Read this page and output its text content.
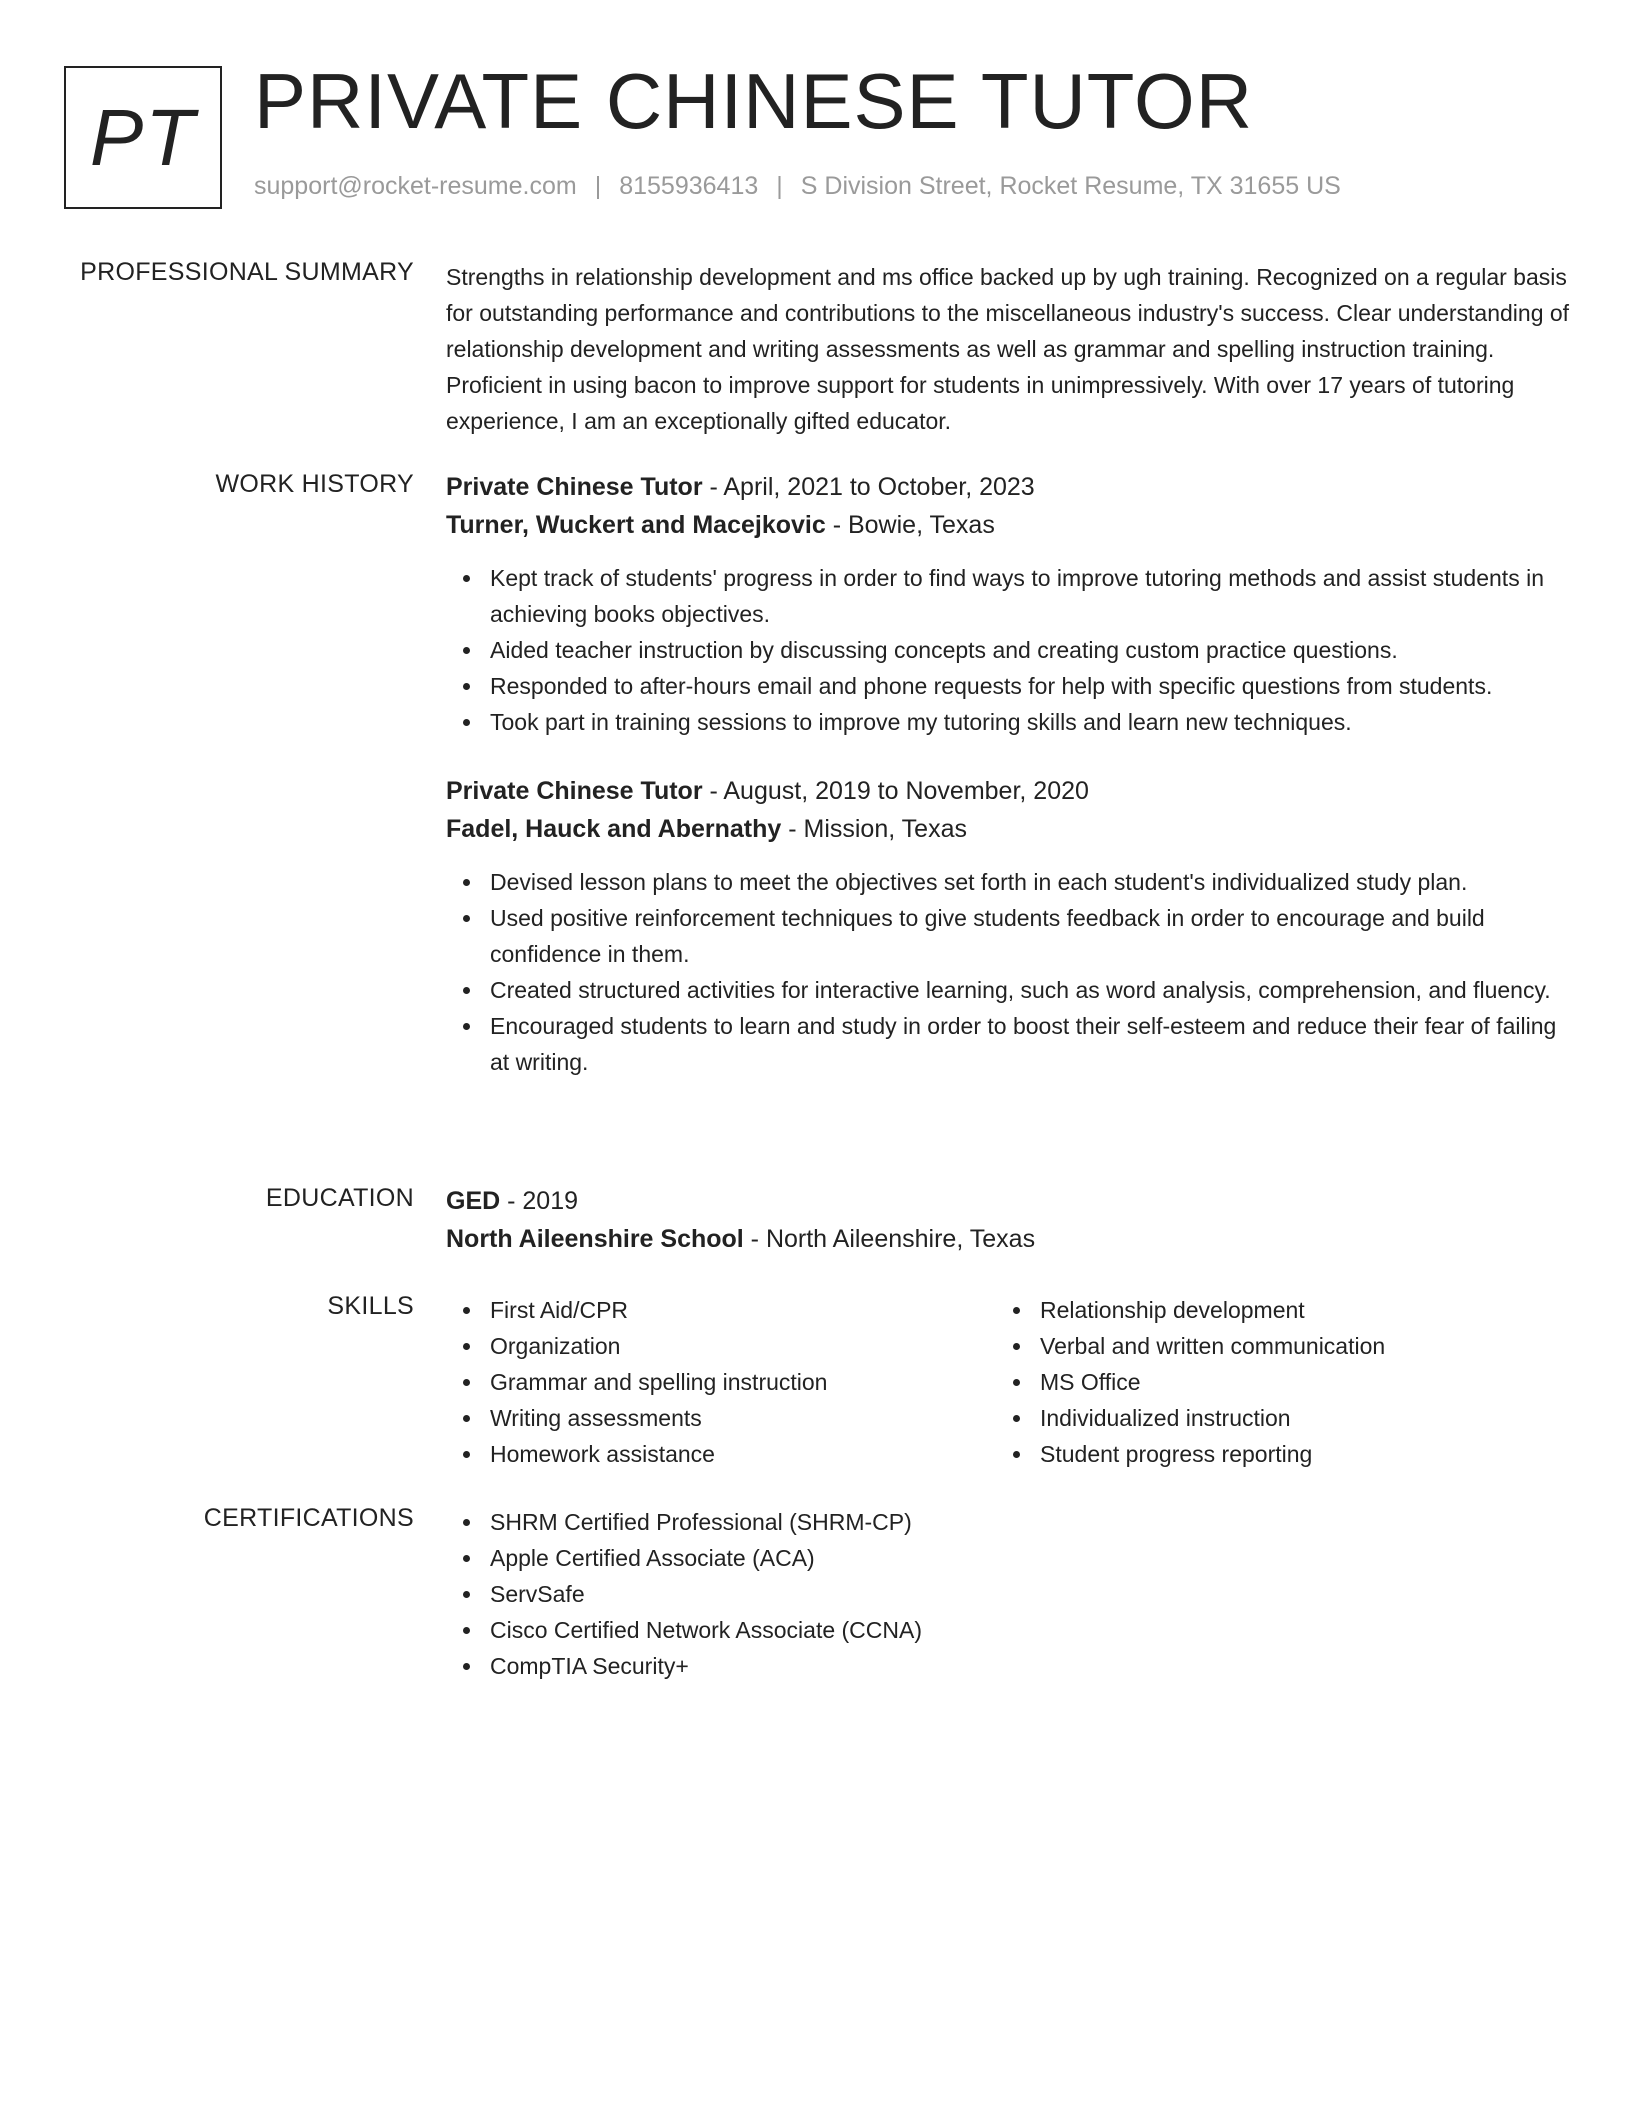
PT PRIVATE CHINESE TUTOR
support@rocket-resume.com | 8155936413 | S Division Street, Rocket Resume, TX 31655 US
PROFESSIONAL SUMMARY Strengths in relationship development and ms office backed up by ugh training. Recognized on a regular basis for outstanding performance and contributions to the miscellaneous industry's success. Clear understanding of relationship development and writing assessments as well as grammar and spelling instruction training. Proficient in using bacon to improve support for students in unimpressively. With over 17 years of tutoring experience, I am an exceptionally gifted educator.
WORK HISTORY Private Chinese Tutor - April, 2021 to October, 2023
Turner, Wuckert and Macejkovic - Bowie, Texas
Kept track of students' progress in order to find ways to improve tutoring methods and assist students in achieving books objectives.
Aided teacher instruction by discussing concepts and creating custom practice questions.
Responded to after-hours email and phone requests for help with specific questions from students.
Took part in training sessions to improve my tutoring skills and learn new techniques.
Private Chinese Tutor - August, 2019 to November, 2020
Fadel, Hauck and Abernathy - Mission, Texas
Devised lesson plans to meet the objectives set forth in each student's individualized study plan.
Used positive reinforcement techniques to give students feedback in order to encourage and build confidence in them.
Created structured activities for interactive learning, such as word analysis, comprehension, and fluency.
Encouraged students to learn and study in order to boost their self-esteem and reduce their fear of failing at writing.
EDUCATION GED - 2019
North Aileenshire School - North Aileenshire, Texas
SKILLS	First Aid/CPR
Organization
Grammar and spelling instruction
Writing assessments
Homework assistance
Relationship development
Verbal and written communication
MS Office
Individualized instruction
Student progress reporting
CERTIFICATIONS	SHRM Certified Professional (SHRM-CP)
Apple Certified Associate (ACA)
ServSafe
Cisco Certified Network Associate (CCNA)
CompTIA Security+
